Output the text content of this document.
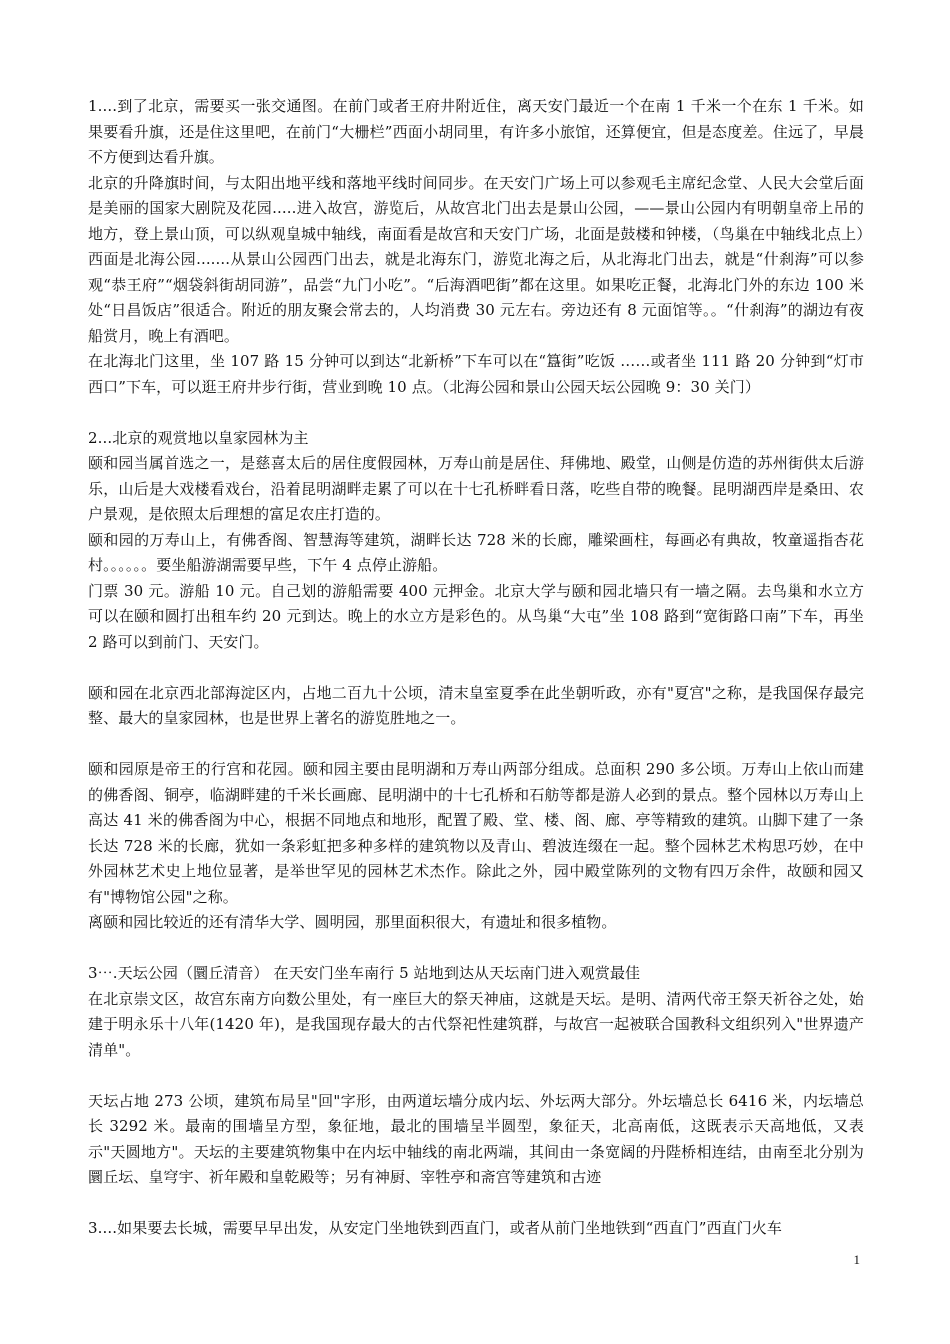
1....到了北京，需要买一张交通图。在前门或者王府井附近住，离天安门最近一个在南 1 千米一个在东 1 千米。如果要看升旗，还是住这里吧，在前门“大栅栏”西面小胡同里，有许多小旅馆，还算便宜，但是态度差。住远了，早晨不方便到达看升旗。

北京的升降旗时间，与太阳出地平线和落地平线时间同步。在天安门广场上可以参观毛主席纪念堂、人民大会堂后面是美丽的国家大剧院及花园.....进入故宫，游览后，从故宫北门出去是景山公园，——景山公园内有明朝皇帝上吊的地方，登上景山顶，可以纵观皇城中轴线，南面看是故宫和天安门广场，北面是鼓楼和钟楼，（鸟巢在中轴线北点上）西面是北海公园.......从景山公园西门出去，就是北海东门，游览北海之后，从北海北门出去，就是“什刹海”可以参观“恭王府”“烟袋斜街胡同游”，品尝“九门小吃”。“后海酒吧街”都在这里。如果吃正餐，北海北门外的东边 100 米处“日昌饭店”很适合。附近的朋友聚会常去的，人均消费 30 元左右。旁边还有 8 元面馆等。。“什刹海”的湖边有夜船赏月，晚上有酒吧。

在北海北门这里，坐 107 路 15 分钟可以到达“北新桥”下车可以在“簋街”吃饭 ……或者坐 111 路 20 分钟到“灯市西口”下车，可以逛王府井步行街，营业到晚 10 点。（北海公园和景山公园天坛公园晚 9：30 关门）

2...北京的观赏地以皇家园林为主

颐和园当属首选之一，是慈喜太后的居住度假园林，万寿山前是居住、拜佛地、殿堂，山侧是仿造的苏州街供太后游乐，山后是大戏楼看戏台，沿着昆明湖畔走累了可以在十七孔桥畔看日落，吃些自带的晚餐。昆明湖西岸是桑田、农户景观，是依照太后理想的富足农庄打造的。

颐和园的万寿山上，有佛香阁、智慧海等建筑，湖畔长达 728 米的长廊，雕梁画柱，每画必有典故，牧童遥指杏花村。。。。。。要坐船游湖需要早些，下午 4 点停止游船。

门票 30 元。游船 10 元。自己划的游船需要 400 元押金。北京大学与颐和园北墙只有一墙之隔。去鸟巢和水立方可以在颐和圆打出租车约 20 元到达。晚上的水立方是彩色的。从鸟巢“大屯”坐 108 路到“宽街路口南”下车，再坐 2 路可以到前门、天安门。

颐和园在北京西北部海淀区内，占地二百九十公顷，清末皇室夏季在此坐朝听政，亦有"夏宫"之称，是我国保存最完整、最大的皇家园林，也是世界上著名的游览胜地之一。

颐和园原是帝王的行宫和花园。颐和园主要由昆明湖和万寿山两部分组成。总面积 290 多公顷。万寿山上依山而建的佛香阁、铜亭，临湖畔建的千米长画廊、昆明湖中的十七孔桥和石舫等都是游人必到的景点。整个园林以万寿山上高达 41 米的佛香阁为中心，根据不同地点和地形，配置了殿、堂、楼、阁、廊、亭等精致的建筑。山脚下建了一条长达 728 米的长廊，犹如一条彩虹把多种多样的建筑物以及青山、碧波连缀在一起。整个园林艺术构思巧妙，在中外园林艺术史上地位显著，是举世罕见的园林艺术杰作。除此之外，园中殿堂陈列的文物有四万余件，故颐和园又有"博物馆公园"之称。

离颐和园比较近的还有清华大学、圆明园，那里面积很大，有遗址和很多植物。

3⋯.天坛公园（圜丘清音） 在天安门坐车南行 5 站地到达从天坛南门进入观赏最佳

在北京崇文区，故宫东南方向数公里处，有一座巨大的祭天神庙，这就是天坛。是明、清两代帝王祭天祈谷之处，始建于明永乐十八年(1420 年)，是我国现存最大的古代祭祀性建筑群，与故宫一起被联合国教科文组织列入"世界遗产清单"。

天坛占地 273 公顷，建筑布局呈"回"字形，由两道坛墙分成内坛、外坛两大部分。外坛墙总长 6416 米，内坛墙总长 3292 米。最南的围墙呈方型，象征地，最北的围墙呈半圆型，象征天，北高南低，这既表示天高地低，又表示"天圆地方"。天坛的主要建筑物集中在内坛中轴线的南北两端，其间由一条宽阔的丹陛桥相连结，由南至北分别为圜丘坛、皇穹宇、祈年殿和皇乾殿等；另有神厨、宰牲亭和斋宫等建筑和古迹

3....如果要去长城，需要早早出发，从安定门坐地铁到西直门，或者从前门坐地铁到“西直门”西直门火车

1
